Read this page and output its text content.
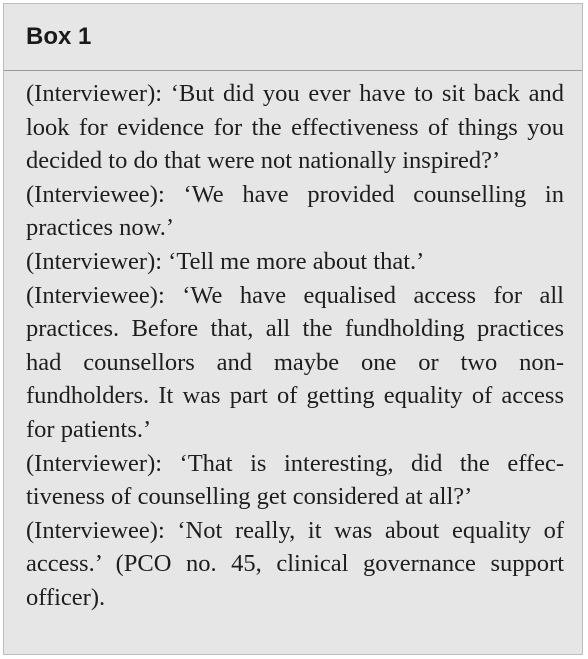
Box 1

(Interviewer): ‘But did you ever have to sit back and look for evidence for the effectiveness of things you decided to do that were not nationally inspired?’

(Interviewee): ‘We have provided counselling in practices now.’

(Interviewer): ‘Tell me more about that.’

(Interviewee): ‘We have equalised access for all practices. Before that, all the fundholding practices had counsellors and maybe one or two non-fundholders. It was part of getting equality of access for patients.’

(Interviewer): ‘That is interesting, did the effectiveness of counselling get considered at all?’

(Interviewee): ‘Not really, it was about equality of access.’ (PCO no. 45, clinical governance support officer).
